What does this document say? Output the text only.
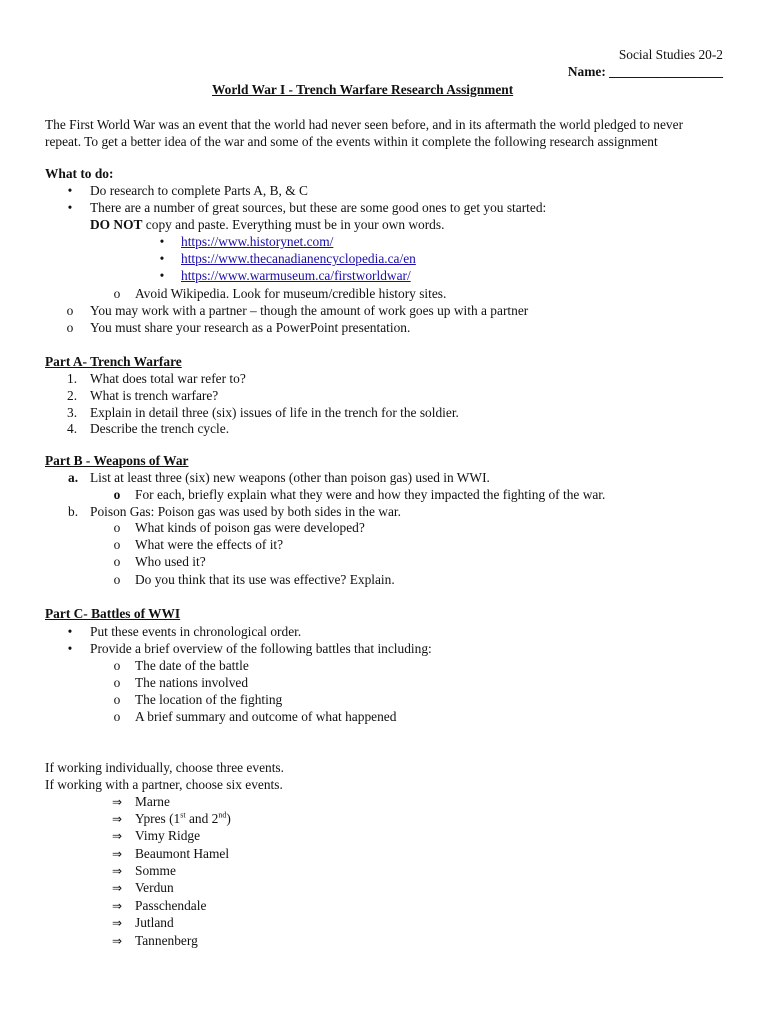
Social Studies 20-2
Name: _________________
World War I - Trench Warfare Research Assignment
The First World War was an event that the world had never seen before, and in its aftermath the world pledged to never
repeat. To get a better idea of the war and some of the events within it complete the following research assignment
What to do:
• Do research to complete Parts A, B, & C
• There are a number of great sources, but these are some good ones to get you started:
DO NOT copy and paste. Everything must be in your own words.
• https://www.historynet.com/
• https://www.thecanadianencyclopedia.ca/en
• https://www.warmuseum.ca/firstworldwar/
o Avoid Wikipedia. Look for museum/credible history sites.
o You may work with a partner – though the amount of work goes up with a partner
o You must share your research as a PowerPoint presentation.
Part A- Trench Warfare
1. What does total war refer to?
2. What is trench warfare?
3. Explain in detail three (six) issues of life in the trench for the soldier.
4. Describe the trench cycle.
Part B - Weapons of War
a. List at least three (six) new weapons (other than poison gas) used in WWI.
o For each, briefly explain what they were and how they impacted the fighting of the war.
b. Poison Gas: Poison gas was used by both sides in the war.
o What kinds of poison gas were developed?
o What were the effects of it?
o Who used it?
o Do you think that its use was effective? Explain.
Part C- Battles of WWI
• Put these events in chronological order.
• Provide a brief overview of the following battles that including:
o The date of the battle
o The nations involved
o The location of the fighting
o A brief summary and outcome of what happened
If working individually, choose three events.
If working with a partner, choose six events.
⇒ Marne
⇒ Ypres (1st and 2nd)
⇒ Vimy Ridge
⇒ Beaumont Hamel
⇒ Somme
⇒ Verdun
⇒ Passchendale
⇒ Jutland
⇒ Tannenberg
